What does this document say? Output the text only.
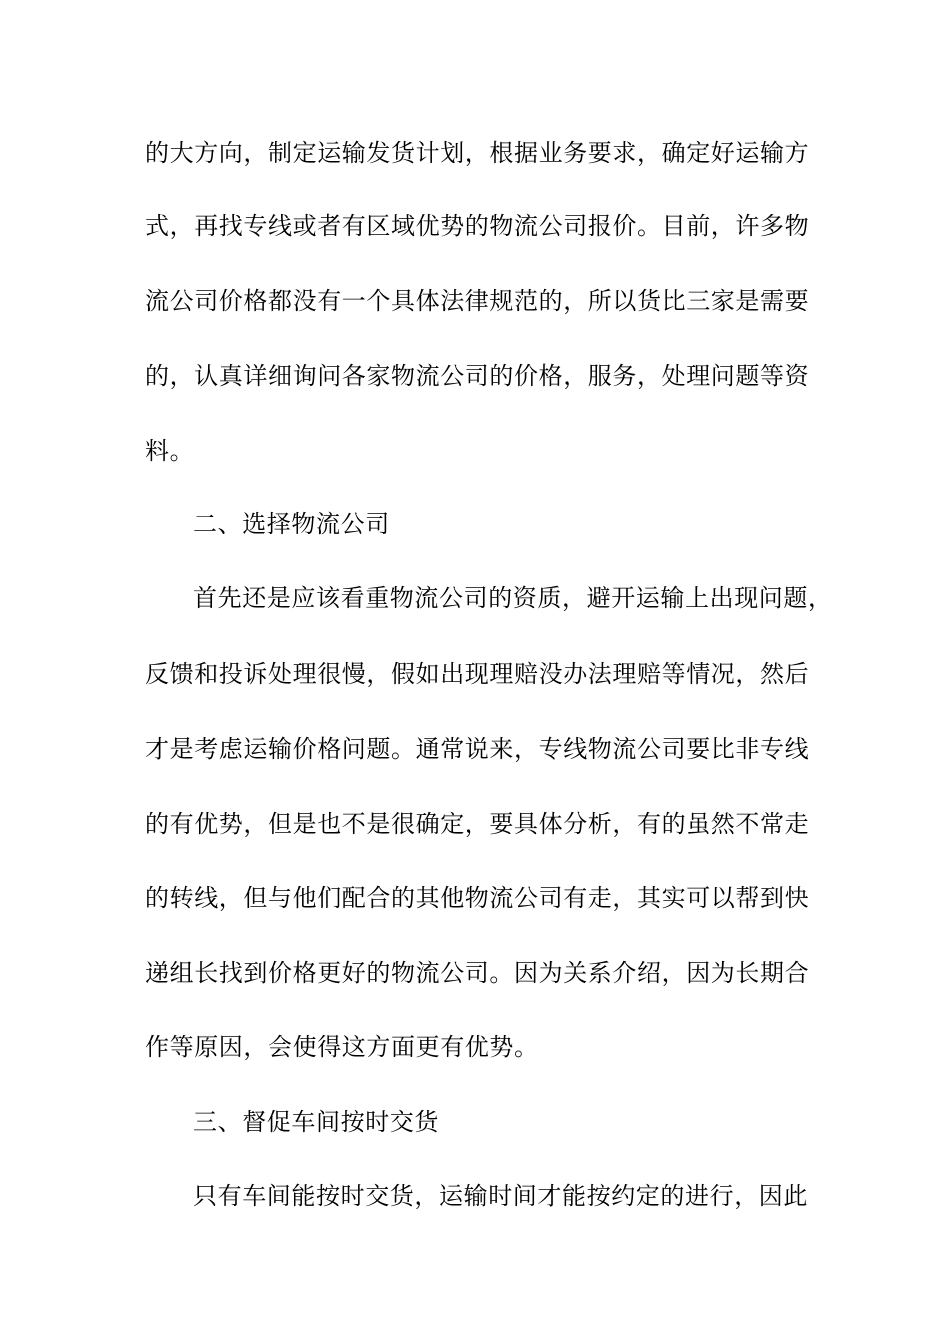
的大方向，制定运输发货计划，根据业务要求，确定好运输方
式，再找专线或者有区域优势的物流公司报价。目前，许多物
流公司价格都没有一个具体法律规范的，所以货比三家是需要
的，认真详细询问各家物流公司的价格，服务，处理问题等资
料。
二、选择物流公司
首先还是应该看重物流公司的资质，避开运输上出现问题，
反馈和投诉处理很慢，假如出现理赔没办法理赔等情况，然后
才是考虑运输价格问题。通常说来，专线物流公司要比非专线
的有优势，但是也不是很确定，要具体分析，有的虽然不常走
的转线，但与他们配合的其他物流公司有走，其实可以帮到快
递组长找到价格更好的物流公司。因为关系介绍，因为长期合
作等原因，会使得这方面更有优势。
三、督促车间按时交货
只有车间能按时交货，运输时间才能按约定的进行，因此
